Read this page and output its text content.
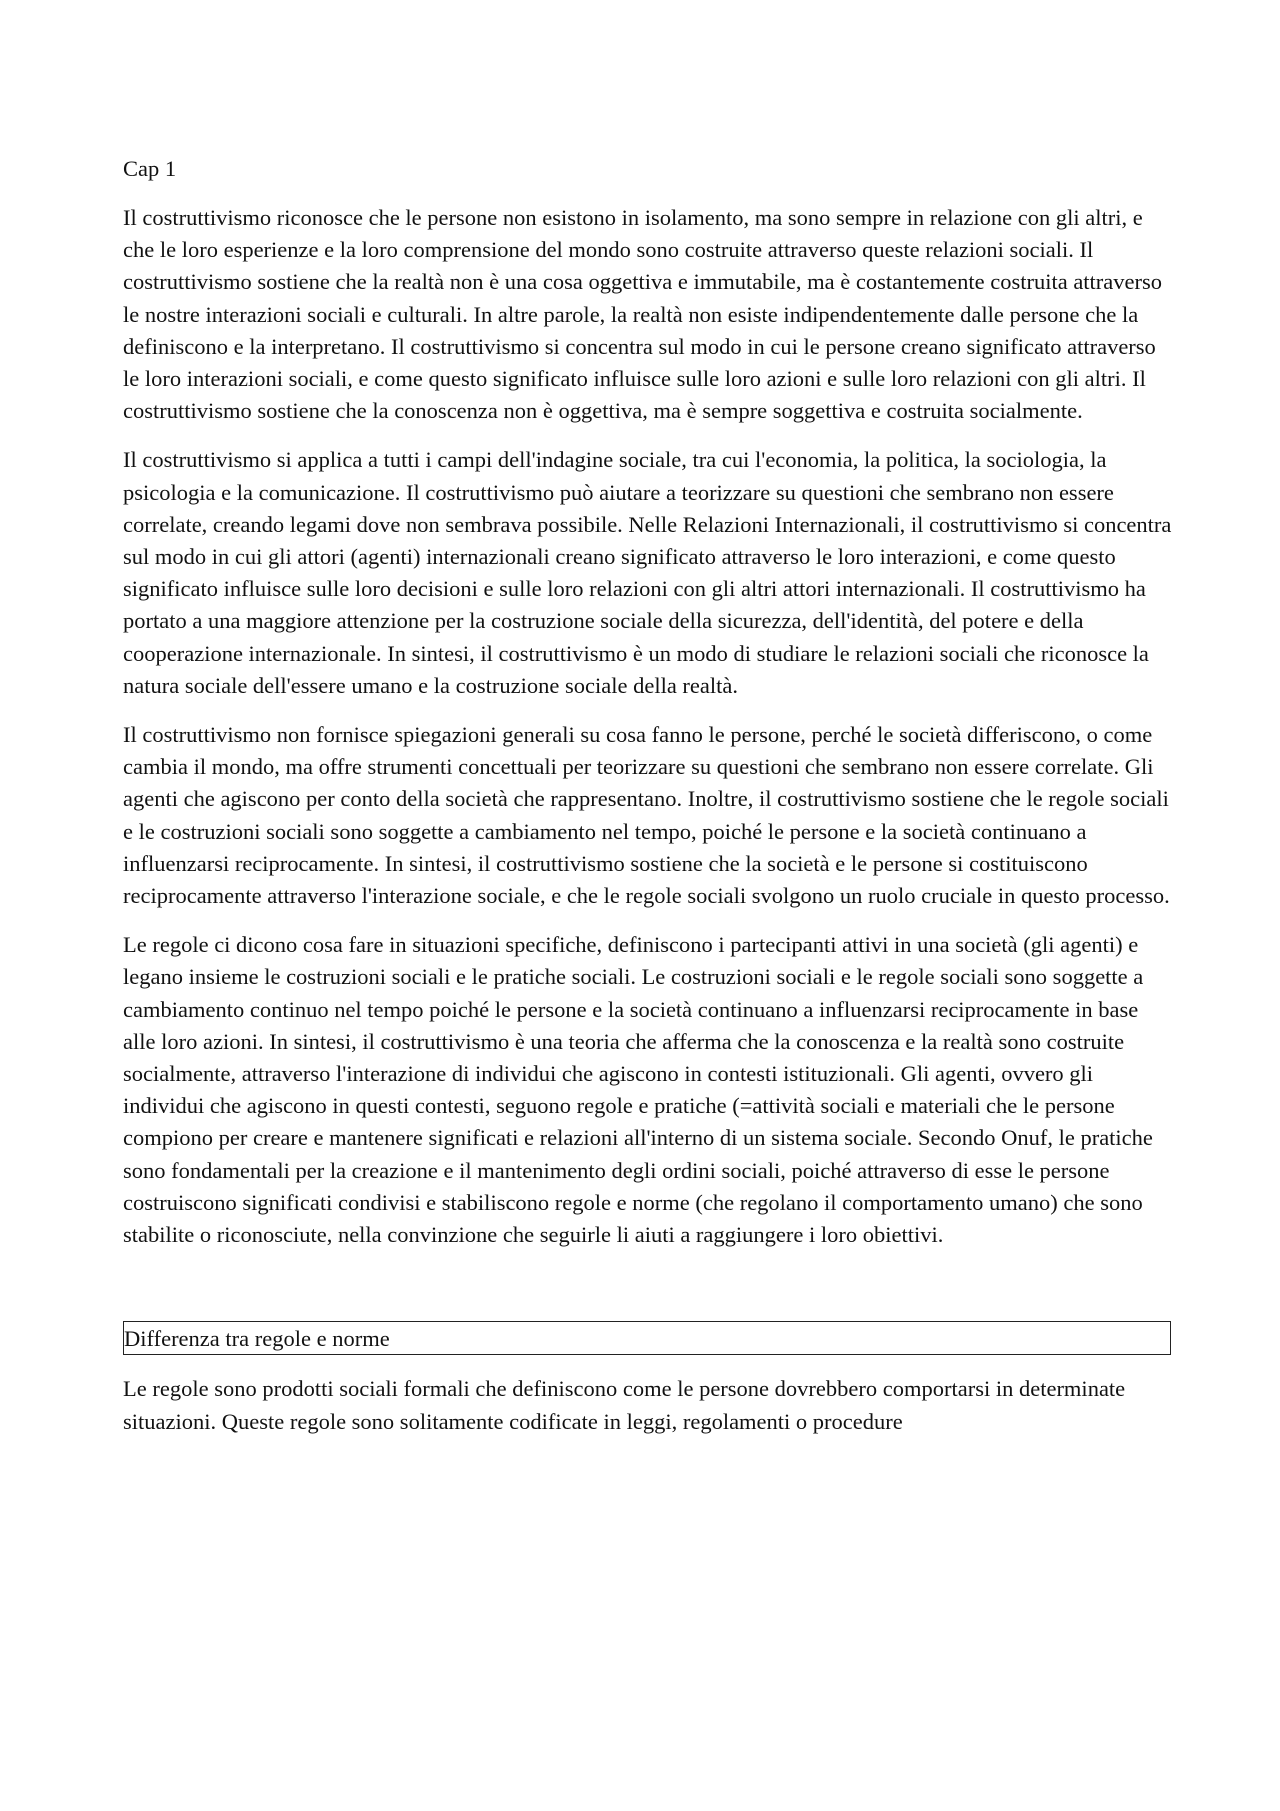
Cap 1

Il costruttivismo riconosce che le persone non esistono in isolamento, ma sono sempre in relazione con gli altri, e che le loro esperienze e la loro comprensione del mondo sono costruite attraverso queste relazioni sociali. Il costruttivismo sostiene che la realtà non è una cosa oggettiva e immutabile, ma è costantemente costruita attraverso le nostre interazioni sociali e culturali. In altre parole, la realtà non esiste indipendentemente dalle persone che la definiscono e la interpretano. Il costruttivismo si concentra sul modo in cui le persone creano significato attraverso le loro interazioni sociali, e come questo significato influisce sulle loro azioni e sulle loro relazioni con gli altri. Il costruttivismo sostiene che la conoscenza non è oggettiva, ma è sempre soggettiva e costruita socialmente.

Il costruttivismo si applica a tutti i campi dell'indagine sociale, tra cui l'economia, la politica, la sociologia, la psicologia e la comunicazione. Il costruttivismo può aiutare a teorizzare su questioni che sembrano non essere correlate, creando legami dove non sembrava possibile. Nelle Relazioni Internazionali, il costruttivismo si concentra sul modo in cui gli attori (agenti) internazionali creano significato attraverso le loro interazioni, e come questo significato influisce sulle loro decisioni e sulle loro relazioni con gli altri attori internazionali. Il costruttivismo ha portato a una maggiore attenzione per la costruzione sociale della sicurezza, dell'identità, del potere e della cooperazione internazionale. In sintesi, il costruttivismo è un modo di studiare le relazioni sociali che riconosce la natura sociale dell'essere umano e la costruzione sociale della realtà.

Il costruttivismo non fornisce spiegazioni generali su cosa fanno le persone, perché le società differiscono, o come cambia il mondo, ma offre strumenti concettuali per teorizzare su questioni che sembrano non essere correlate. Gli agenti che agiscono per conto della società che rappresentano. Inoltre, il costruttivismo sostiene che le regole sociali e le costruzioni sociali sono soggette a cambiamento nel tempo, poiché le persone e la società continuano a influenzarsi reciprocamente. In sintesi, il costruttivismo sostiene che la società e le persone si costituiscono reciprocamente attraverso l'interazione sociale, e che le regole sociali svolgono un ruolo cruciale in questo processo.

Le regole ci dicono cosa fare in situazioni specifiche, definiscono i partecipanti attivi in una società (gli agenti) e legano insieme le costruzioni sociali e le pratiche sociali. Le costruzioni sociali e le regole sociali sono soggette a cambiamento continuo nel tempo poiché le persone e la società continuano a influenzarsi reciprocamente in base alle loro azioni. In sintesi, il costruttivismo è una teoria che afferma che la conoscenza e la realtà sono costruite socialmente, attraverso l'interazione di individui che agiscono in contesti istituzionali. Gli agenti, ovvero gli individui che agiscono in questi contesti, seguono regole e pratiche (=attività sociali e materiali che le persone compiono per creare e mantenere significati e relazioni all'interno di un sistema sociale. Secondo Onuf, le pratiche sono fondamentali per la creazione e il mantenimento degli ordini sociali, poiché attraverso di esse le persone costruiscono significati condivisi e stabiliscono regole e norme (che regolano il comportamento umano) che sono stabilite o riconosciute, nella convinzione che seguirle li aiuti a raggiungere i loro obiettivi.

Differenza tra regole e norme

Le regole sono prodotti sociali formali che definiscono come le persone dovrebbero comportarsi in determinate situazioni. Queste regole sono solitamente codificate in leggi, regolamenti o procedure
